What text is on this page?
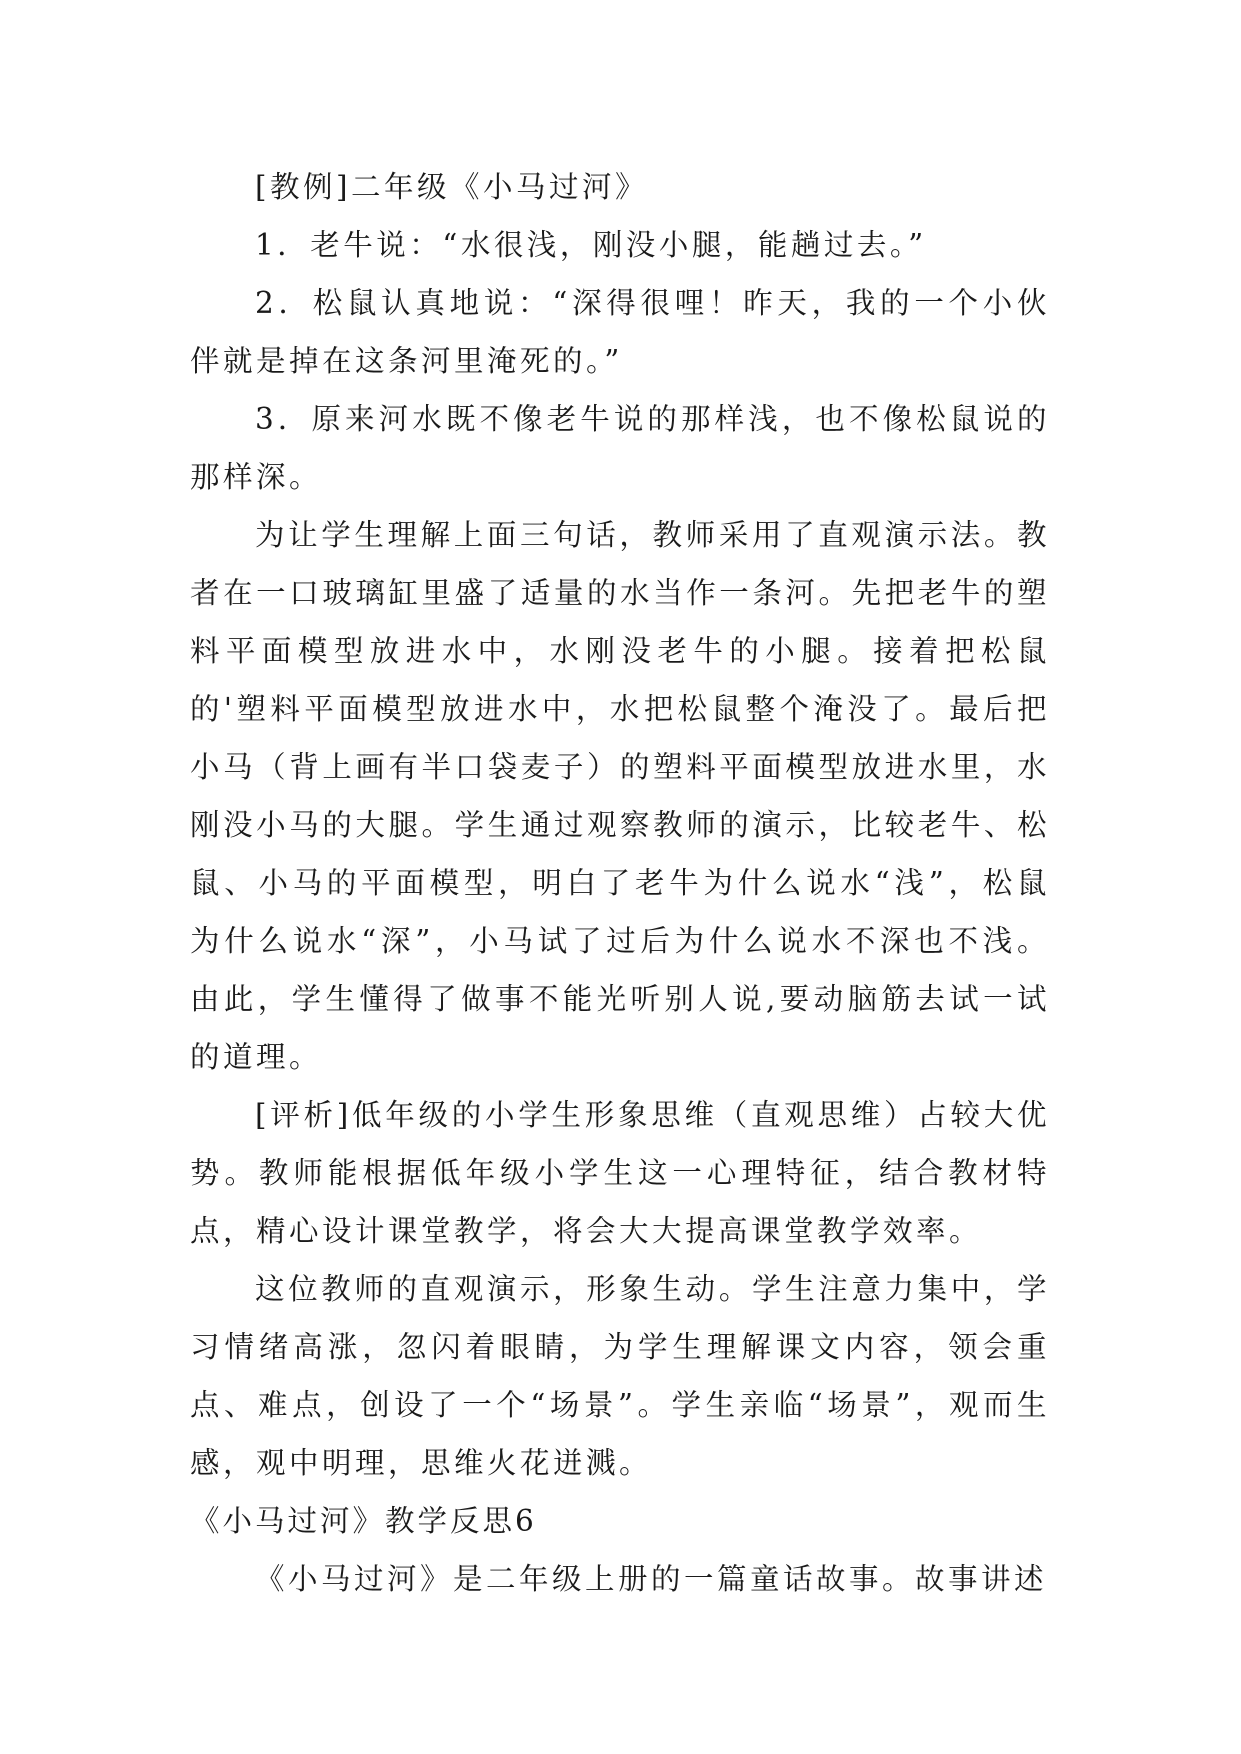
[教例]二年级《小马过河》

1．老牛说：“水很浅，刚没小腿，能趟过去。”

2．松鼠认真地说：“深得很哩！昨天，我的一个小伙伴就是掉在这条河里淹死的。”

3．原来河水既不像老牛说的那样浅，也不像松鼠说的那样深。

为让学生理解上面三句话，教师采用了直观演示法。教者在一口玻璃缸里盛了适量的水当作一条河。先把老牛的塑料平面模型放进水中，水刚没老牛的小腿。接着把松鼠的'塑料平面模型放进水中，水把松鼠整个淹没了。最后把小马（背上画有半口袋麦子）的塑料平面模型放进水里，水刚没小马的大腿。学生通过观察教师的演示，比较老牛、松鼠、小马的平面模型，明白了老牛为什么说水“浅”，松鼠为什么说水“深”，小马试了过后为什么说水不深也不浅。由此，学生懂得了做事不能光听别人说,要动脑筋去试一试的道理。

[评析]低年级的小学生形象思维（直观思维）占较大优势。教师能根据低年级小学生这一心理特征，结合教材特点，精心设计课堂教学，将会大大提高课堂教学效率。

这位教师的直观演示，形象生动。学生注意力集中，学习情绪高涨，忽闪着眼睛，为学生理解课文内容，领会重点、难点，创设了一个“场景”。学生亲临“场景”，观而生感，观中明理，思维火花迸溅。

《小马过河》教学反思6

《小马过河》是二年级上册的一篇童话故事。故事讲述
